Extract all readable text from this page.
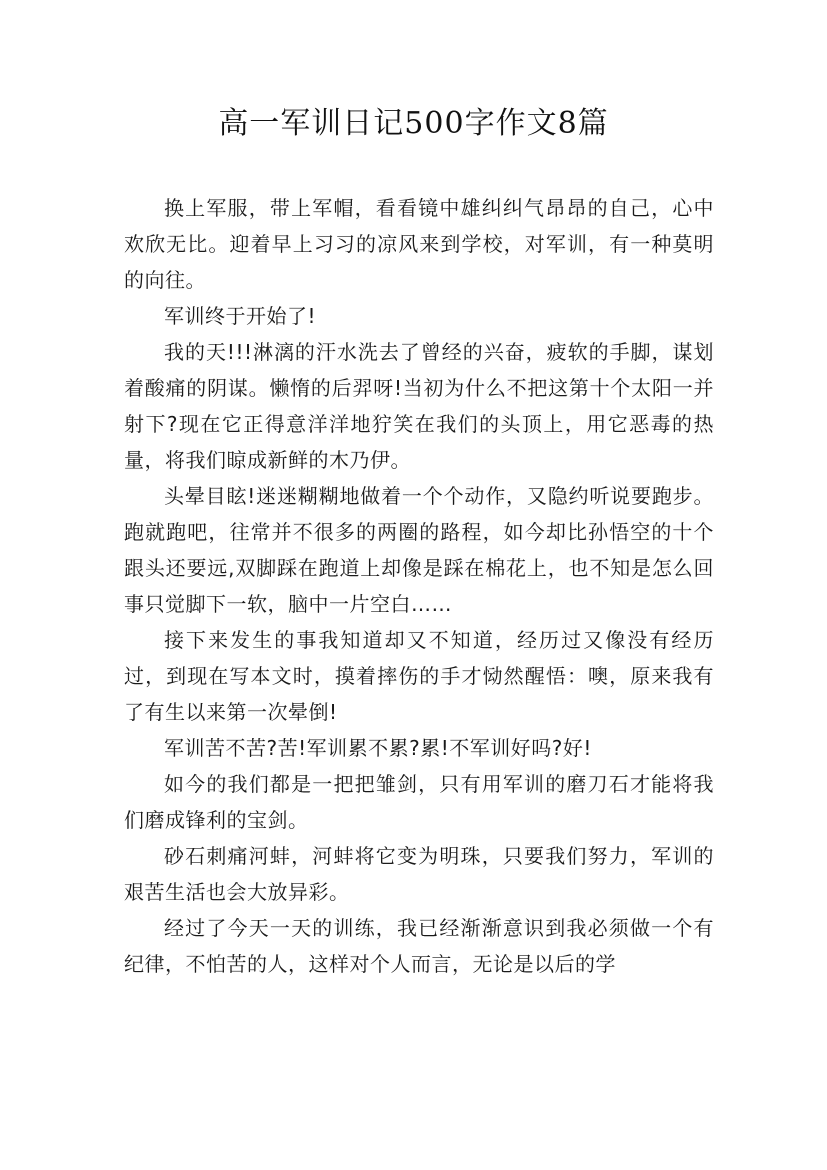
高一军训日记500字作文8篇

换上军服，带上军帽，看看镜中雄纠纠气昂昂的自己，心中欢欣无比。迎着早上习习的凉风来到学校，对军训，有一种莫明的向往。

军训终于开始了!

我的天!!!淋漓的汗水洗去了曾经的兴奋，疲软的手脚，谋划着酸痛的阴谋。懒惰的后羿呀!当初为什么不把这第十个太阳一并射下?现在它正得意洋洋地狞笑在我们的头顶上，用它恶毒的热量，将我们晾成新鲜的木乃伊。

头晕目眩!迷迷糊糊地做着一个个动作，又隐约听说要跑步。跑就跑吧，往常并不很多的两圈的路程，如今却比孙悟空的十个跟头还要远,双脚踩在跑道上却像是踩在棉花上，也不知是怎么回事只觉脚下一软，脑中一片空白……

接下来发生的事我知道却又不知道，经历过又像没有经历过，到现在写本文时，摸着摔伤的手才恸然醒悟：噢，原来我有了有生以来第一次晕倒!

军训苦不苦?苦!军训累不累?累!不军训好吗?好!

如今的我们都是一把把雏剑，只有用军训的磨刀石才能将我们磨成锋利的宝剑。

砂石刺痛河蚌，河蚌将它变为明珠，只要我们努力，军训的艰苦生活也会大放异彩。

经过了今天一天的训练，我已经渐渐意识到我必须做一个有纪律，不怕苦的人，这样对个人而言，无论是以后的学
